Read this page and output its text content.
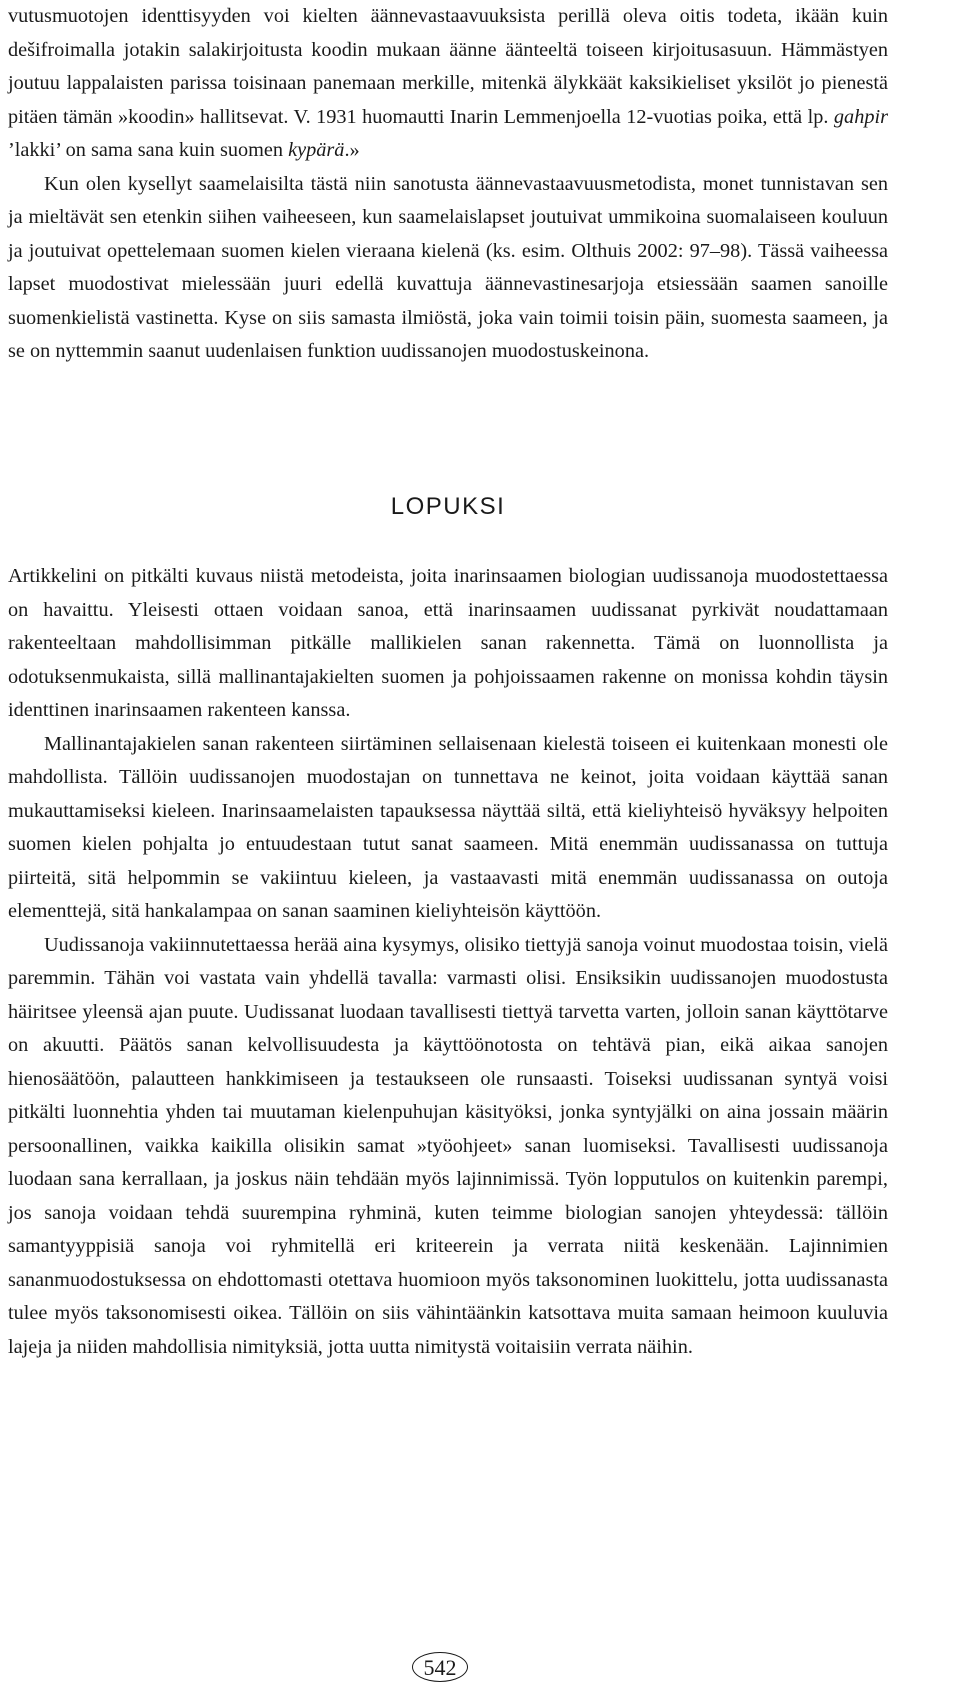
vutusmuotojen identtisyyden voi kielten äännevastaavuuksista perillä oleva oitis todeta, ikään kuin dešifroimalla jotakin salakirjoitusta koodin mukaan äänne äänteeltä toiseen kirjoitusasuun. Hämmästyen joutuu lappalaisten parissa toisinaan panemaan merkille, mitenkä älykkäät kaksikieliset yksilöt jo pienestä pitäen tämän »koodin» hallitsevat. V. 1931 huomautti Inarin Lemmenjoella 12-vuotias poika, että lp. gahpir ’lakki’ on sama sana kuin suomen kypärä.»

Kun olen kysellyt saamelaisilta tästä niin sanotusta äännevastaavuusmetodista, monet tunnistavan sen ja mieltävät sen etenkin siihen vaiheeseen, kun saamelaislapset joutuivat ummikoina suomalaiseen kouluun ja joutuivat opettelemaan suomen kielen vieraana kielenä (ks. esim. Olthuis 2002: 97–98). Tässä vaiheessa lapset muodostivat mielessään juuri edellä kuvattuja äännevastinesarjoja etsiessään saamen sanoille suomenkielistä vastinetta. Kyse on siis samasta ilmiöstä, joka vain toimii toisin päin, suomesta saameen, ja se on nyttemmin saanut uudenlaisen funktion uudissanojen muodostuskeinona.

LOPUKSI

Artikkelini on pitkälti kuvaus niistä metodeista, joita inarinsaamen biologian uudissanoja muodostettaessa on havaittu. Yleisesti ottaen voidaan sanoa, että inarinsaamen uudissanat pyrkivät noudattamaan rakenteeltaan mahdollisimman pitkälle mallikielen sanan rakennetta. Tämä on luonnollista ja odotuksenmukaista, sillä mallinantajakielten suomen ja pohjoissaamen rakenne on monissa kohdin täysin identtinen inarinsaamen rakenteen kanssa.

Mallinantajakielen sanan rakenteen siirtäminen sellaisenaan kielestä toiseen ei kuitenkaan monesti ole mahdollista. Tällöin uudissanojen muodostajan on tunnettava ne keinot, joita voidaan käyttää sanan mukauttamiseksi kieleen. Inarinsaamelaisten tapauksessa näyttää siltä, että kieliyhteisö hyväksyy helpoiten suomen kielen pohjalta jo entuudestaan tutut sanat saameen. Mitä enemmän uudissanassa on tuttuja piirteitä, sitä helpommin se vakiintuu kieleen, ja vastaavasti mitä enemmän uudissanassa on outoja elementtejä, sitä hankalampaa on sanan saaminen kieliyhteisön käyttöön.

Uudissanoja vakiinnutettaessa herää aina kysymys, olisiko tiettyjä sanoja voinut muodostaa toisin, vielä paremmin. Tähän voi vastata vain yhdellä tavalla: varmasti olisi. Ensiksikin uudissanojen muodostusta häiritsee yleensä ajan puute. Uudissanat luodaan tavallisesti tiettyä tarvetta varten, jolloin sanan käyttötarve on akuutti. Päätös sanan kelvollisuudesta ja käyttöönotosta on tehtävä pian, eikä aikaa sanojen hienosäätöön, palautteen hankkimiseen ja testaukseen ole runsaasti. Toiseksi uudissanan syntyä voisi pitkälti luonnehtia yhden tai muutaman kielenpuhujan käsityöksi, jonka syntyjälki on aina jossain määrin persoonallinen, vaikka kaikilla olisikin samat »työohjeet» sanan luomiseksi. Tavallisesti uudissanoja luodaan sana kerrallaan, ja joskus näin tehdään myös lajinnimissä. Työn lopputulos on kuitenkin parempi, jos sanoja voidaan tehdä suurempina ryhminä, kuten teimme biologian sanojen yhteydessä: tällöin samantyyppisiä sanoja voi ryhmitellä eri kriteerein ja verrata niitä keskenään. Lajinnimien sananmuodostuksessa on ehdottomasti otettava huomioon myös taksonominen luokittelu, jotta uudissanasta tulee myös taksonomisesti oikea. Tällöin on siis vähintäänkin katsottava muita samaan heimoon kuuluvia lajeja ja niiden mahdollisia nimityksiä, jotta uutta nimitystä voitaisiin verrata näihin.

542
